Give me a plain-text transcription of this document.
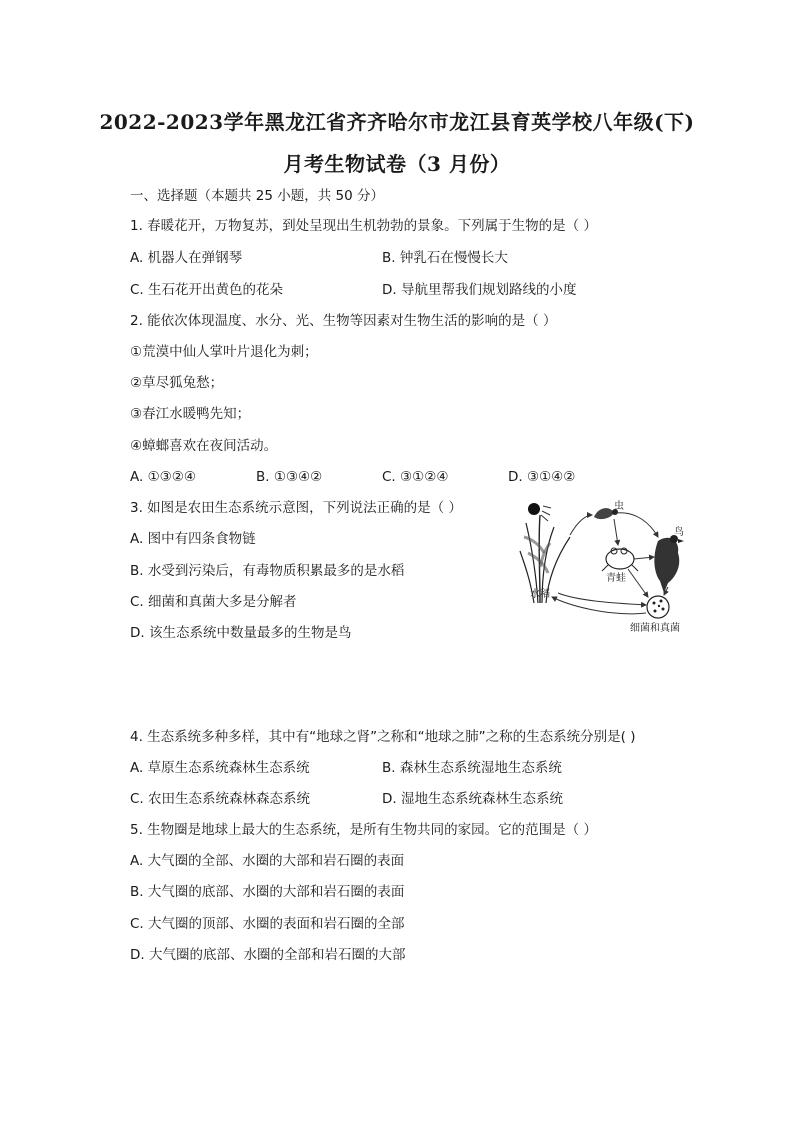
2022-2023学年黑龙江省齐齐哈尔市龙江县育英学校八年级(下)
月考生物试卷（3 月份）
一、选择题（本题共 25 小题，共 50 分）
1. 春暖花开，万物复苏，到处呈现出生机勃勃的景象。下列属于生物的是（ ）
A. 机器人在弹钢琴	B. 钟乳石在慢慢长大
C. 生石花开出黄色的花朵	D. 导航里帮我们规划路线的小度
2. 能依次体现温度、水分、光、生物等因素对生物生活的影响的是（ ）
①荒漠中仙人掌叶片退化为刺；
②草尽狐兔愁；
③春江水暖鸭先知；
④蟑螂喜欢在夜间活动。
A. ①③②④	B. ①③④②	C. ③①②④	D. ③①④②
3. 如图是农田生态系统示意图，下列说法正确的是（ ）
A. 图中有四条食物链
B. 水受到污染后，有毒物质积累最多的是水稻
C. 细菌和真菌大多是分解者
D. 该生态系统中数量最多的生物是鸟
虫
鸟
青蛙
水稻
细菌和真菌
4. 生态系统多种多样，其中有“地球之肾”之称和“地球之肺”之称的生态系统分别是( )
A. 草原生态系统森林生态系统	B. 森林生态系统湿地生态系统
C. 农田生态系统森林森态系统	D. 湿地生态系统森林生态系统
5. 生物圈是地球上最大的生态系统，是所有生物共同的家园。它的范围是（ ）
A. 大气圈的全部、水圈的大部和岩石圈的表面
B. 大气圈的底部、水圈的大部和岩石圈的表面
C. 大气圈的顶部、水圈的表面和岩石圈的全部
D. 大气圈的底部、水圈的全部和岩石圈的大部
